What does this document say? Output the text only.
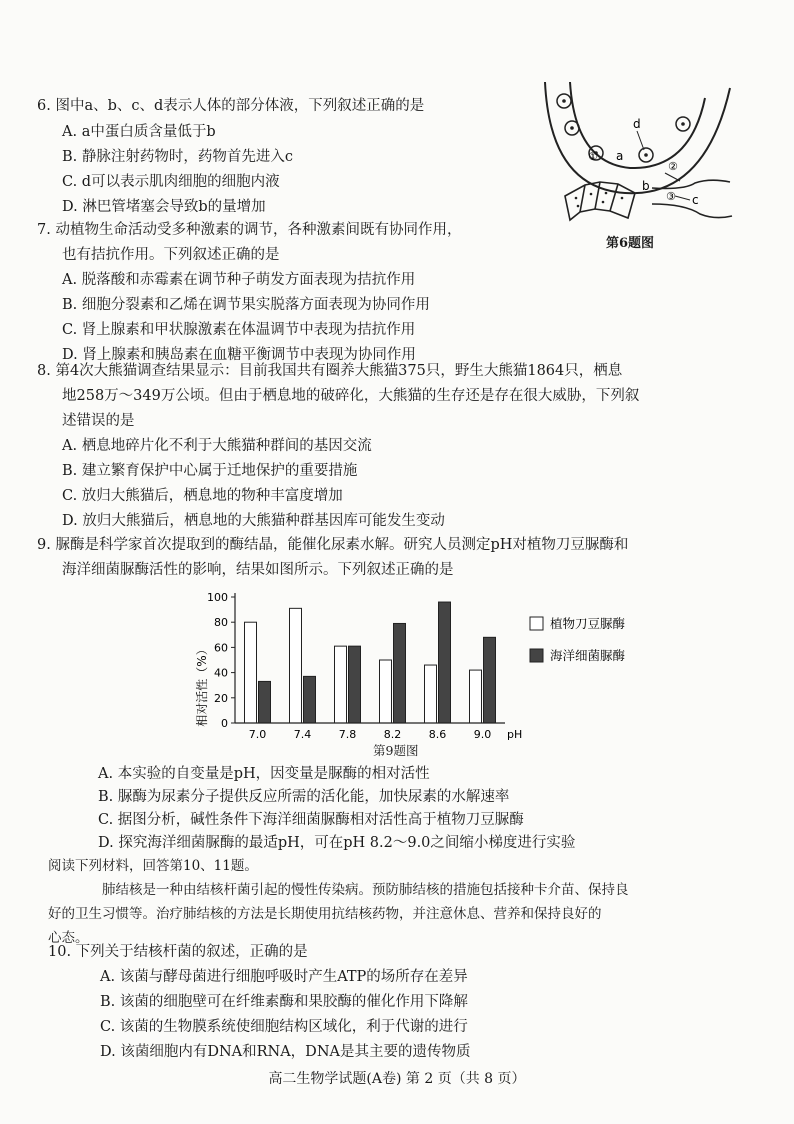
6. 图中a、b、c、d表示人体的部分体液，下列叙述正确的是
A. a中蛋白质含量低于b
B. 静脉注射药物时，药物首先进入c
C. d可以表示肌肉细胞的细胞内液
D. 淋巴管堵塞会导致b的量增加
d
a
①
②
b
③ c
第6题图
7. 动植物生命活动受多种激素的调节，各种激素间既有协同作用，
也有拮抗作用。下列叙述正确的是
A. 脱落酸和赤霉素在调节种子萌发方面表现为拮抗作用
B. 细胞分裂素和乙烯在调节果实脱落方面表现为协同作用
C. 肾上腺素和甲状腺激素在体温调节中表现为拮抗作用
D. 肾上腺素和胰岛素在血糖平衡调节中表现为协同作用
8. 第4次大熊猫调查结果显示：目前我国共有圈养大熊猫375只，野生大熊猫1864只，栖息
地258万～349万公顷。但由于栖息地的破碎化，大熊猫的生存还是存在很大威胁，下列叙
述错误的是
A. 栖息地碎片化不利于大熊猫种群间的基因交流
B. 建立繁育保护中心属于迁地保护的重要措施
C. 放归大熊猫后，栖息地的物种丰富度增加
D. 放归大熊猫后，栖息地的大熊猫种群基因库可能发生变动
9. 脲酶是科学家首次提取到的酶结晶，能催化尿素水解。研究人员测定pH对植物刀豆脲酶和
海洋细菌脲酶活性的影响，结果如图所示。下列叙述正确的是
相对活性（%） 0
20
40
60
80
100
7.0	7.4	7.8	8.2	8.6	9.0 pH
植物刀豆脲酶
海洋细菌脲酶
第9题图
A. 本实验的自变量是pH，因变量是脲酶的相对活性
B. 脲酶为尿素分子提供反应所需的活化能，加快尿素的水解速率
C. 据图分析，碱性条件下海洋细菌脲酶相对活性高于植物刀豆脲酶
D. 探究海洋细菌脲酶的最适pH，可在pH 8.2～9.0之间缩小梯度进行实验
阅读下列材料，回答第10、11题。
肺结核是一种由结核杆菌引起的慢性传染病。预防肺结核的措施包括接种卡介苗、保持良
好的卫生习惯等。治疗肺结核的方法是长期使用抗结核药物，并注意休息、营养和保持良好的
心态。
10. 下列关于结核杆菌的叙述，正确的是
A. 该菌与酵母菌进行细胞呼吸时产生ATP的场所存在差异
B. 该菌的细胞壁可在纤维素酶和果胶酶的催化作用下降解
C. 该菌的生物膜系统使细胞结构区域化，利于代谢的进行
D. 该菌细胞内有DNA和RNA，DNA是其主要的遗传物质
高二生物学试题(A卷) 第 2 页（共 8 页）
